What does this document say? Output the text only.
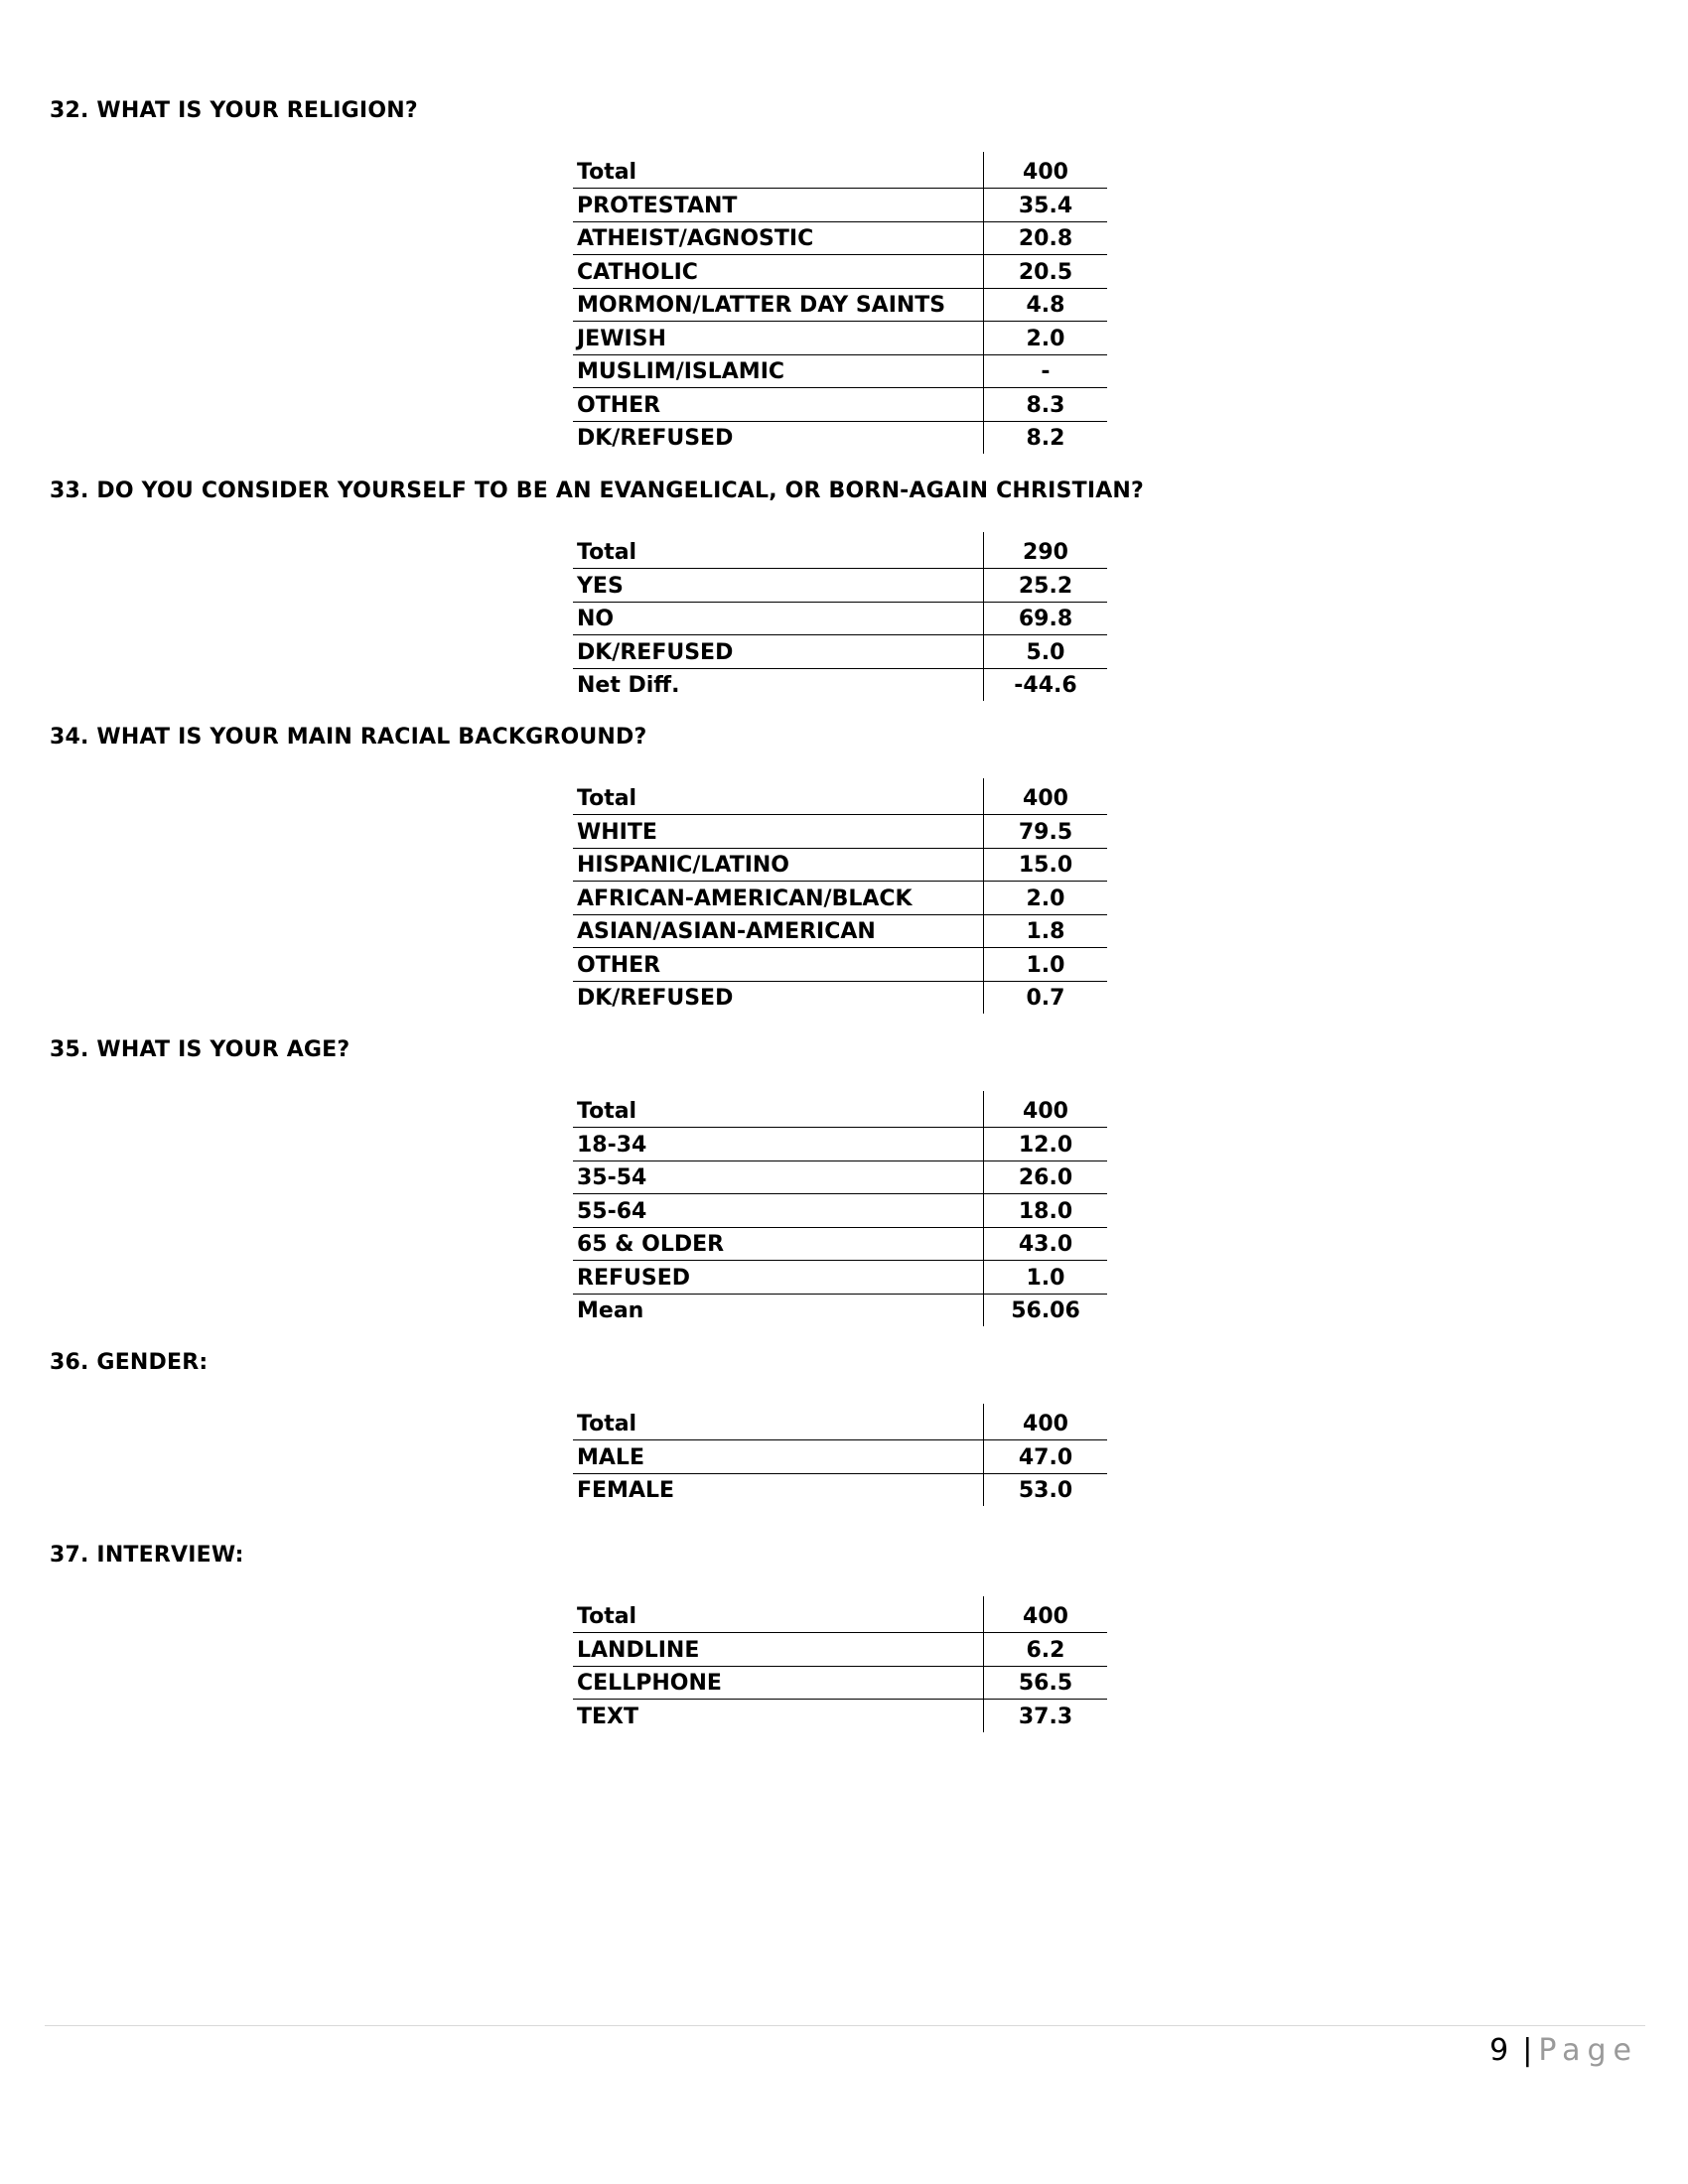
32. WHAT IS YOUR RELIGION?
Total	400
PROTESTANT	35.4
ATHEIST/AGNOSTIC	20.8
CATHOLIC	20.5
MORMON/LATTER DAY SAINTS	4.8
JEWISH	2.0
MUSLIM/ISLAMIC	-
OTHER	8.3
DK/REFUSED	8.2
33. DO YOU CONSIDER YOURSELF TO BE AN EVANGELICAL, OR BORN-AGAIN CHRISTIAN?
Total	290
YES	25.2
NO	69.8
DK/REFUSED	5.0
Net Diff.	-44.6
34. WHAT IS YOUR MAIN RACIAL BACKGROUND?
Total	400
WHITE	79.5
HISPANIC/LATINO	15.0
AFRICAN-AMERICAN/BLACK	2.0
ASIAN/ASIAN-AMERICAN	1.8
OTHER	1.0
DK/REFUSED	0.7
35. WHAT IS YOUR AGE?
Total	400
18-34	12.0
35-54	26.0
55-64	18.0
65 & OLDER	43.0
REFUSED	1.0
Mean	56.06
36. GENDER:
Total	400
MALE	47.0
FEMALE	53.0
37. INTERVIEW:
Total	400
LANDLINE	6.2
CELLPHONE	56.5
TEXT	37.3
9 | Page
